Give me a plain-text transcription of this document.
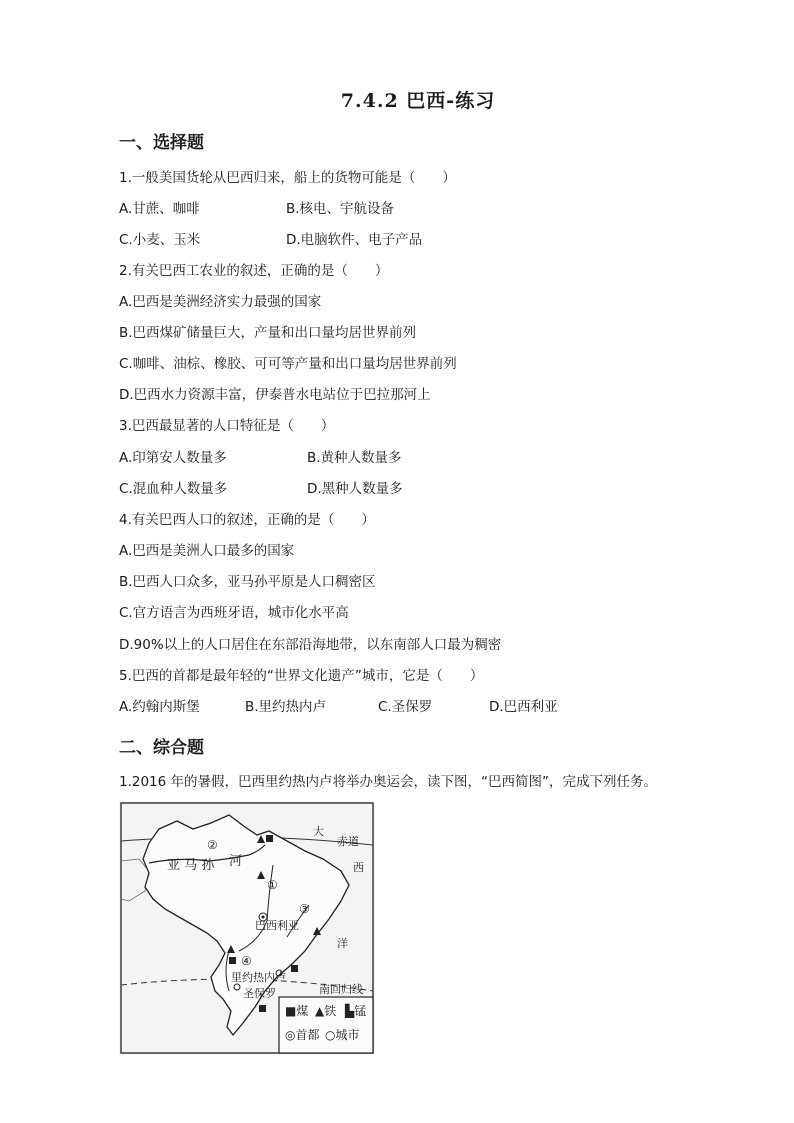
7.4.2 巴西-练习
一、选择题
1.一般美国货轮从巴西归来，船上的货物可能是（　　）
A.甘蔗、咖啡	B.核电、宇航设备
C.小麦、玉米	D.电脑软件、电子产品
2.有关巴西工农业的叙述，正确的是（　　）
A.巴西是美洲经济实力最强的国家
B.巴西煤矿储量巨大，产量和出口量均居世界前列
C.咖啡、油棕、橡胶、可可等产量和出口量均居世界前列
D.巴西水力资源丰富，伊泰普水电站位于巴拉那河上
3.巴西最显著的人口特征是（　　）
A.印第安人数量多	B.黄种人数量多
C.混血种人数量多	D.黑种人数量多
4.有关巴西人口的叙述，正确的是（　　）
A.巴西是美洲人口最多的国家
B.巴西人口众多，亚马孙平原是人口稠密区
C.官方语言为西班牙语，城市化水平高
D.90%以上的人口居住在东部沿海地带，以东南部人口最为稠密
5.巴西的首都是最年轻的“世界文化遗产”城市，它是（　　）
A.约翰内斯堡	B.里约热内卢	C.圣保罗	D.巴西利亚
二、综合题
1.2016 年的暑假，巴西里约热内卢将举办奥运会，读下图，“巴西简图”，完成下列任务。
大
赤道
西
洋
亚 马 孙 河
巴西利亚
里约热内卢
圣保罗	南回归线
②
①
③
④
■煤 ▲铁 ▙锰
◎首都 ○城市
